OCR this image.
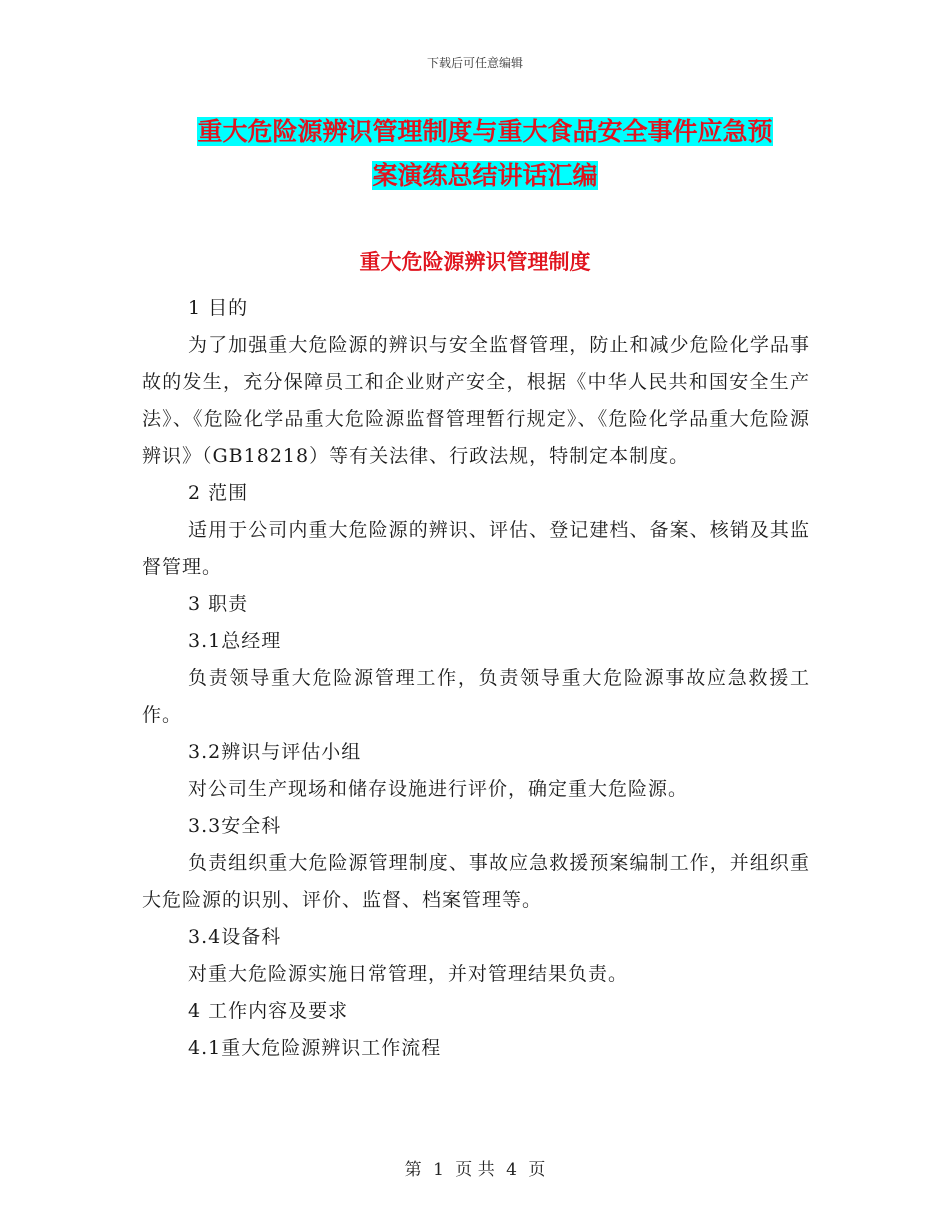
下载后可任意编辑
重大危险源辨识管理制度与重大食品安全事件应急预
案演练总结讲话汇编
重大危险源辨识管理制度

1 目的

为了加强重大危险源的辨识与安全监督管理，防止和减少危险化学品事故的发生，充分保障员工和企业财产安全，根据《中华人民共和国安全生产法》、《危险化学品重大危险源监督管理暂行规定》、《危险化学品重大危险源辨识》（GB18218）等有关法律、行政法规，特制定本制度。

2 范围

适用于公司内重大危险源的辨识、评估、登记建档、备案、核销及其监督管理。

3 职责

3.1总经理

负责领导重大危险源管理工作，负责领导重大危险源事故应急救援工作。

3.2辨识与评估小组

对公司生产现场和储存设施进行评价，确定重大危险源。

3.3安全科

负责组织重大危险源管理制度、事故应急救援预案编制工作，并组织重大危险源的识别、评价、监督、档案管理等。

3.4设备科

对重大危险源实施日常管理，并对管理结果负责。

4 工作内容及要求

4.1重大危险源辨识工作流程

第 1 页 共 4 页
